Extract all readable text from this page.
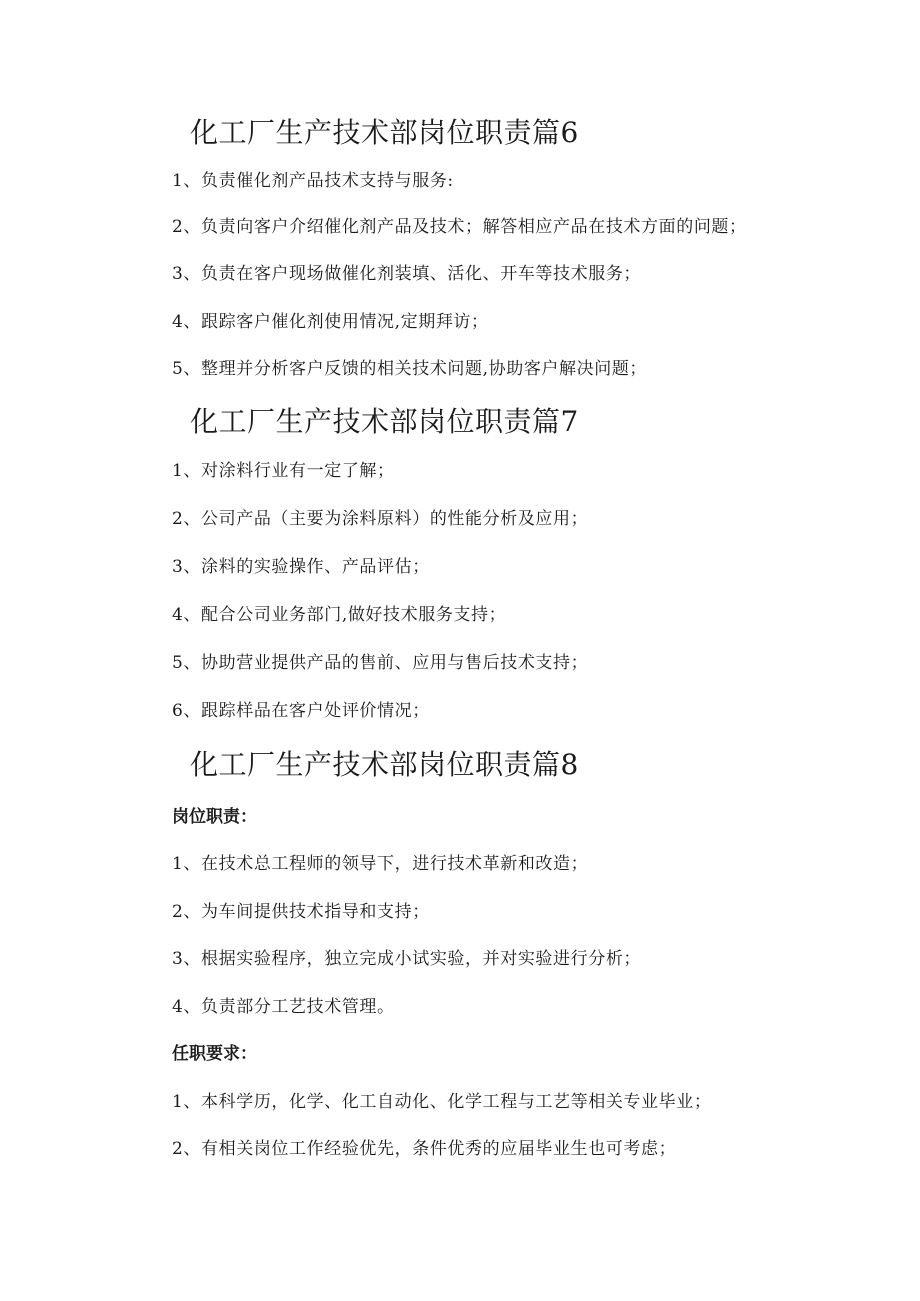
化工厂生产技术部岗位职责篇6

1、负责催化剂产品技术支持与服务:

2、负责向客户介绍催化剂产品及技术；解答相应产品在技术方面的问题；

3、负责在客户现场做催化剂装填、活化、开车等技术服务；

4、跟踪客户催化剂使用情况,定期拜访；

5、整理并分析客户反馈的相关技术问题,协助客户解决问题；

化工厂生产技术部岗位职责篇7

1、对涂料行业有一定了解；

2、公司产品（主要为涂料原料）的性能分析及应用；

3、涂料的实验操作、产品评估；

4、配合公司业务部门,做好技术服务支持；

5、协助营业提供产品的售前、应用与售后技术支持；

6、跟踪样品在客户处评价情况；

化工厂生产技术部岗位职责篇8

岗位职责：

1、在技术总工程师的领导下，进行技术革新和改造；

2、为车间提供技术指导和支持；

3、根据实验程序，独立完成小试实验，并对实验进行分析；

4、负责部分工艺技术管理。

任职要求：

1、本科学历，化学、化工自动化、化学工程与工艺等相关专业毕业；

2、有相关岗位工作经验优先，条件优秀的应届毕业生也可考虑；
